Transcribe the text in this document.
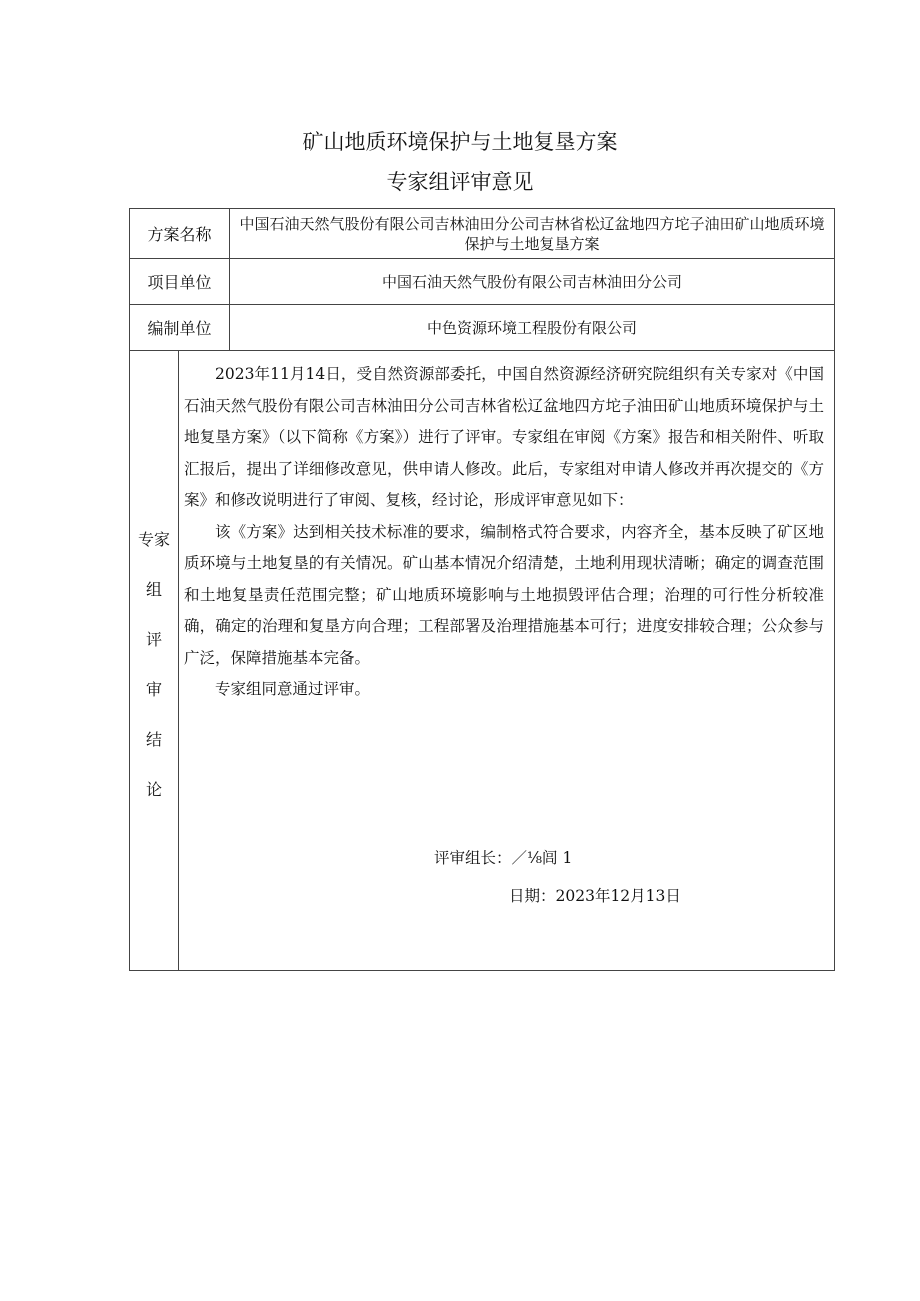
矿山地质环境保护与土地复垦方案
专家组评审意见
方案名称
中国石油天然气股份有限公司吉林油田分公司吉林省松辽盆地四方坨子油田矿山地质环境保护与土地复垦方案
项目单位	中国石油天然气股份有限公司吉林油田分公司
编制单位	中色资源环境工程股份有限公司
专家
组
评
审
结
论

2023年11月14日，受自然资源部委托，中国自然资源经济研究院组织有关专家对《中国石油天然气股份有限公司吉林油田分公司吉林省松辽盆地四方坨子油田矿山地质环境保护与土地复垦方案》（以下简称《方案》）进行了评审。专家组在审阅《方案》报告和相关附件、听取汇报后，提出了详细修改意见，供申请人修改。此后，专家组对申请人修改并再次提交的《方案》和修改说明进行了审阅、复核，经讨论，形成评审意见如下：

该《方案》达到相关技术标准的要求，编制格式符合要求，内容齐全，基本反映了矿区地质环境与土地复垦的有关情况。矿山基本情况介绍清楚，土地利用现状清晰；确定的调查范围和土地复垦责任范围完整；矿山地质环境影响与土地损毁评估合理；治理的可行性分析较准确，确定的治理和复垦方向合理；工程部署及治理措施基本可行；进度安排较合理；公众参与广泛，保障措施基本完备。

专家组同意通过评审。

评审组长：／⅛闾 1
日期：2023年12月13日
